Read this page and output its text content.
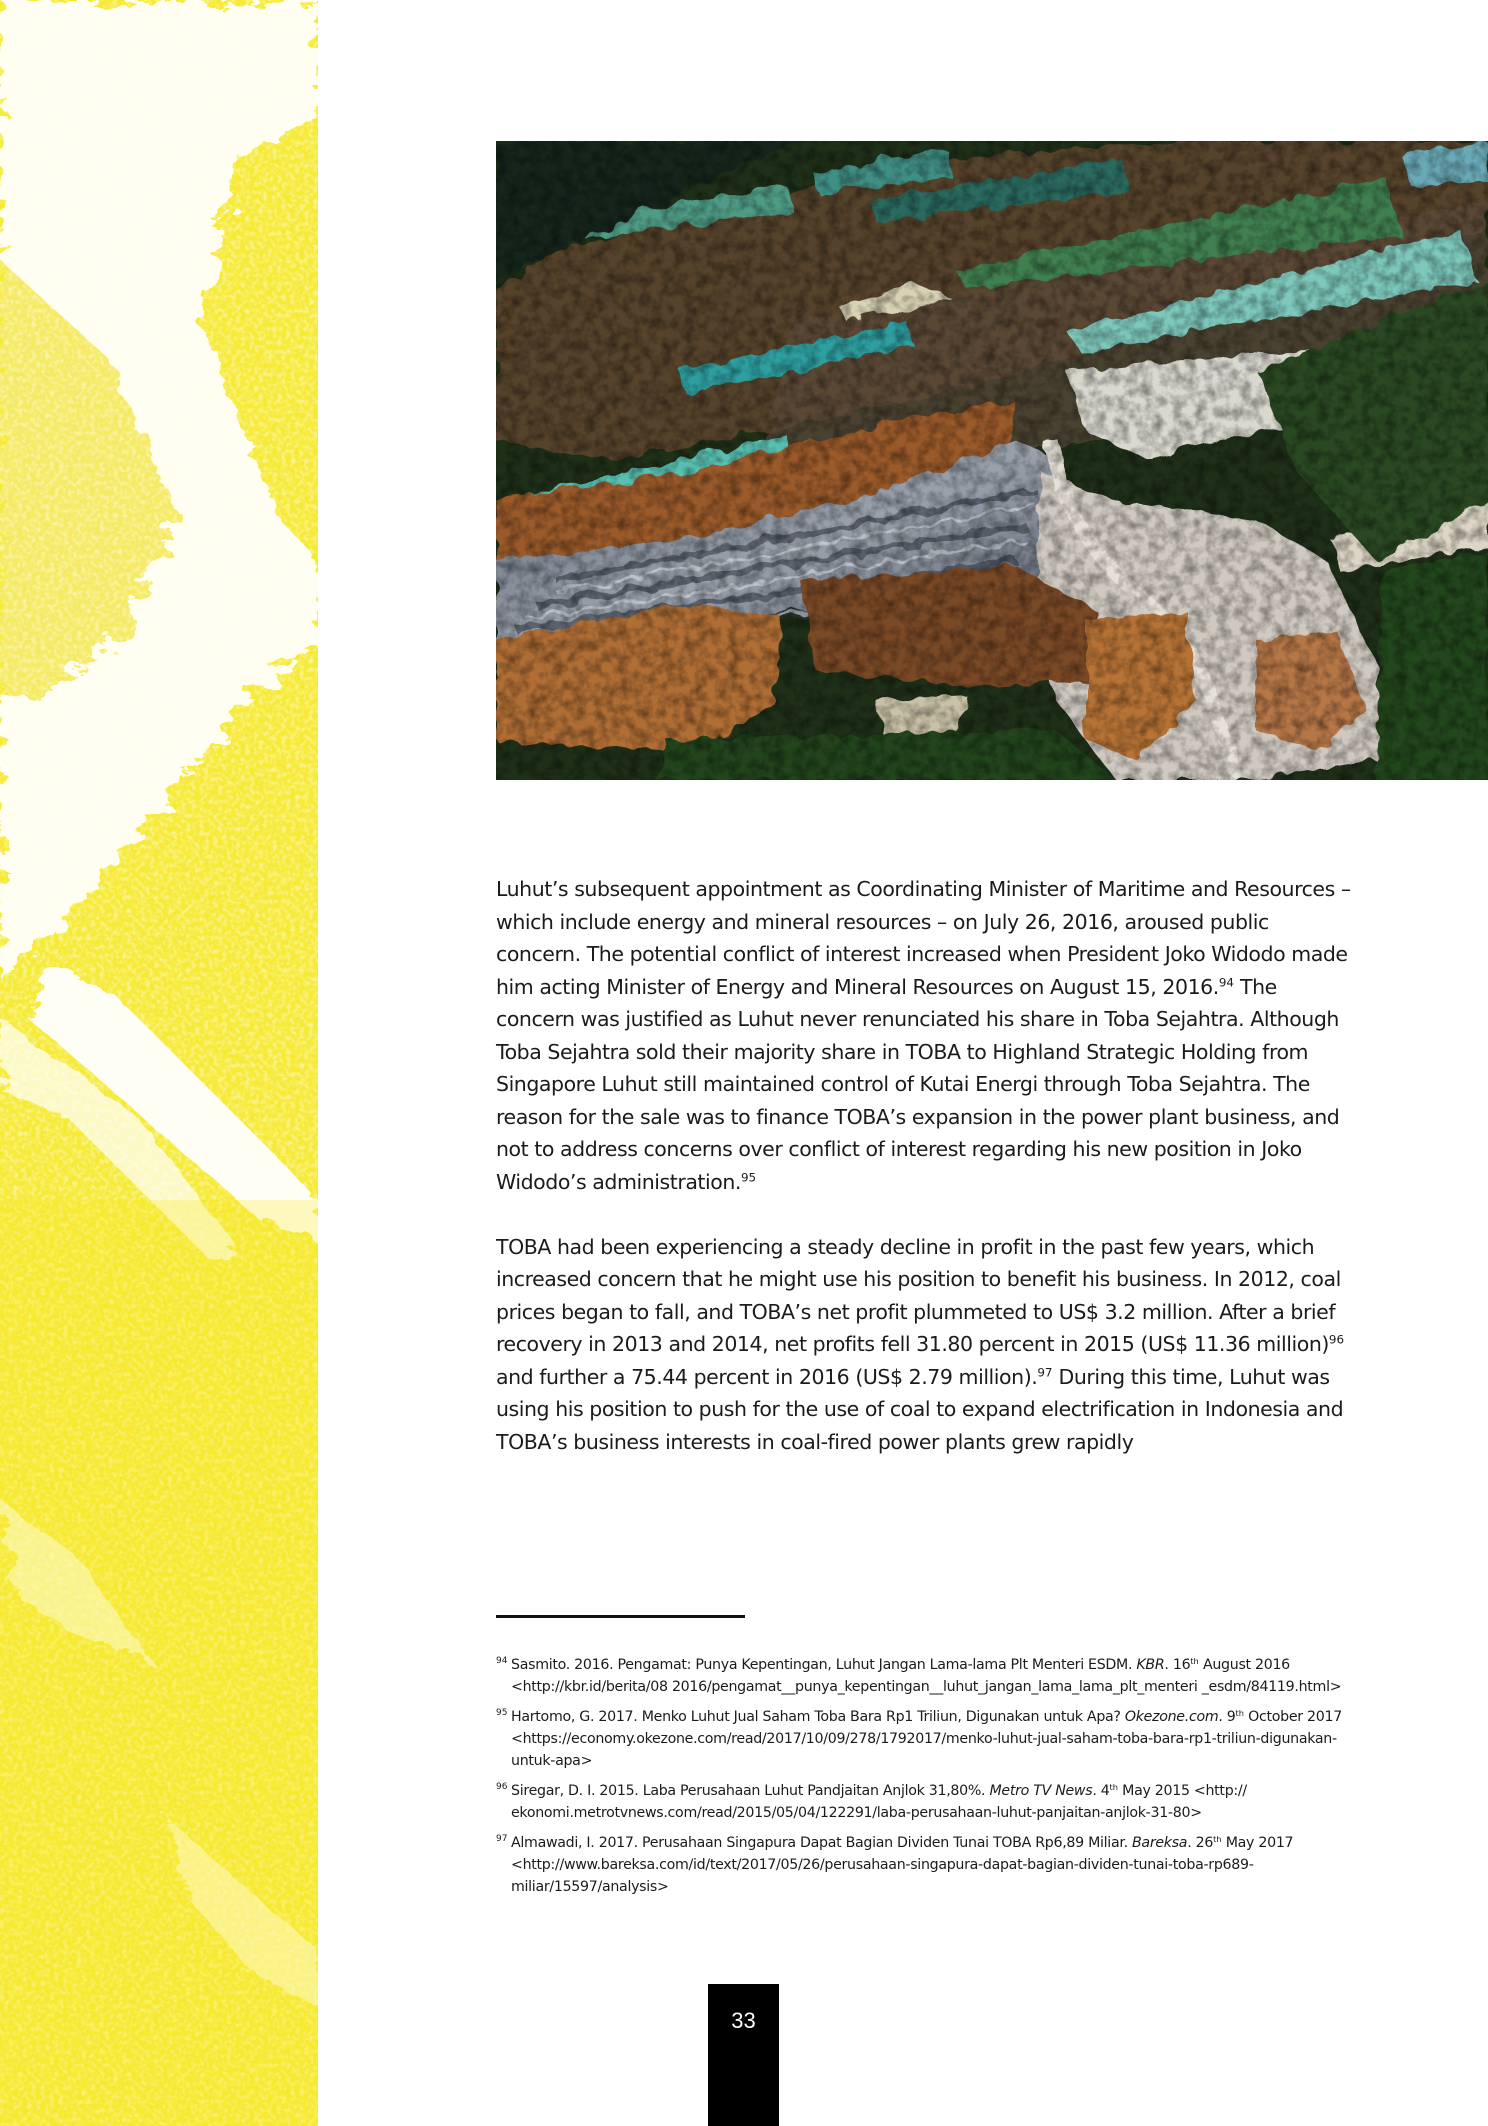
Luhut’s subsequent appointment as Coordinating Minister of Maritime and Resources – which include energy and mineral resources – on July 26, 2016, aroused public concern. The potential conflict of interest increased when President Joko Widodo made him acting Minister of Energy and Mineral Resources on August 15, 2016.94 The concern was justified as Luhut never renunciated his share in Toba Sejahtra. Although Toba Sejahtra sold their majority share in TOBA to Highland Strategic Holding from Singapore Luhut still maintained control of Kutai Energi through Toba Sejahtra. The reason for the sale was to finance TOBA’s expansion in the power plant business, and not to address concerns over conflict of interest regarding his new position in Joko Widodo’s administration.$^{95}$

TOBA had been experiencing a steady decline in profit in the past few years, which increased concern that he might use his position to benefit his business. In 2012, coal prices began to fall, and TOBA’s net profit plummeted to US$ 3.2 million. After a brief recovery in 2013 and 2014, net profits fell 31.80 percent in 2015 (US$ 11.36 million)$^{96}$ and further a 75.44 percent in 2016 (US$ 2.79 million).$^{97}$ During this time, Luhut was using his position to push for the use of coal to expand electrification in Indonesia and TOBA’s business interests in coal-fired power plants grew rapidly

94 Sasmito. 2016. Pengamat: Punya Kepentingan, Luhut Jangan Lama-lama Plt Menteri ESDM. KBR. 16th August 2016 <http://kbr.id/berita/08 2016/pengamat__punya_kepentingan__luhut_jangan_lama_lama_plt_menteri _esdm/84119.html>
95 Hartomo, G. 2017. Menko Luhut Jual Saham Toba Bara Rp1 Triliun, Digunakan untuk Apa? Okezone.com. 9th October 2017 <https://economy.okezone.com/read/2017/10/09/278/1792017/menko-luhut-jual-saham-toba-bara-rp1-triliun-digunakan-untuk-apa>
96 Siregar, D. I. 2015. Laba Perusahaan Luhut Pandjaitan Anjlok 31,80%. Metro TV News. 4th May 2015 <http:// ekonomi.metrotvnews.com/read/2015/05/04/122291/laba-perusahaan-luhut-panjaitan-anjlok-31-80>
97 Almawadi, I. 2017. Perusahaan Singapura Dapat Bagian Dividen Tunai TOBA Rp6,89 Miliar. Bareksa. 26th May 2017 <http://www.bareksa.com/id/text/2017/05/26/perusahaan-singapura-dapat-bagian-dividen-tunai-toba-rp689-miliar/15597/analysis>
33
